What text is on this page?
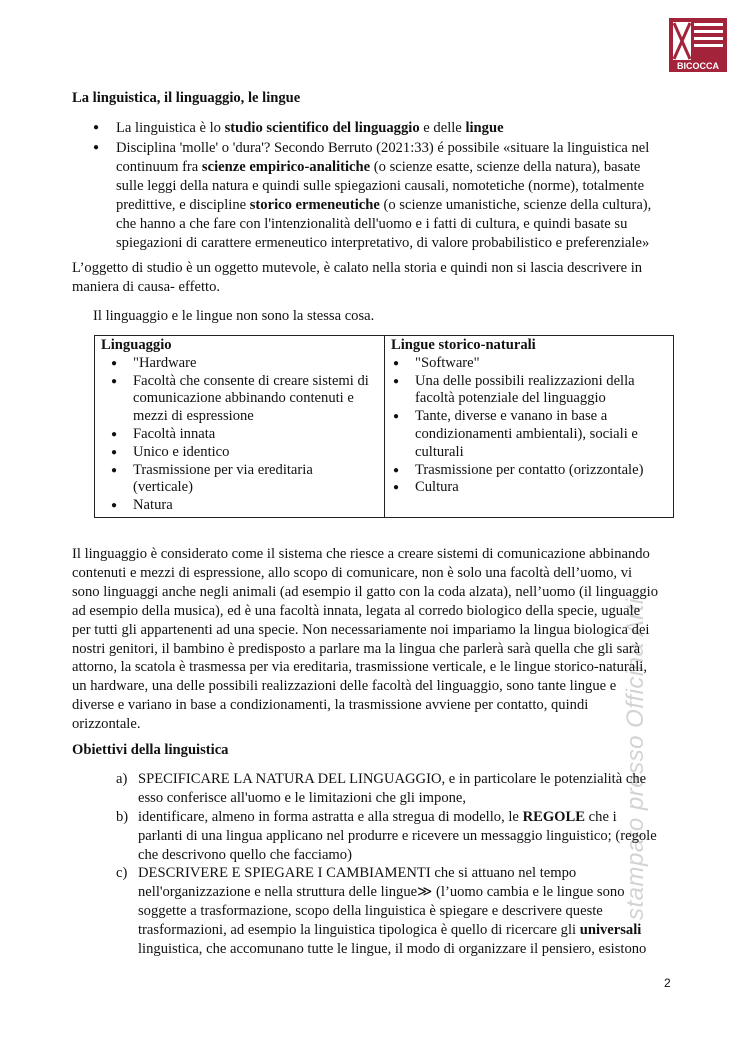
BICOCCA
stampato presso Officina Arti
La linguistica, il linguaggio, le lingue
● La linguistica è lo studio scientifico del linguaggio e delle lingue
● Disciplina 'molle' o 'dura'? Secondo Berruto (2021:33) é possibile «situare la linguistica nel
continuum fra scienze empirico-analitiche (o scienze esatte, scienze della natura), basate
sulle leggi della natura e quindi sulle spiegazioni causali, nomotetiche (norme), totalmente
predittive, e discipline storico ermeneutiche (o scienze umanistiche, scienze della cultura),
che hanno a che fare con l'intenzionalità dell'uomo e i fatti di cultura, e quindi basate su
spiegazioni di carattere ermeneutico interpretativo, di valore probabilistico e preferenziale»
L’oggetto di studio è un oggetto mutevole, è calato nella storia e quindi non si lascia descrivere in
maniera di causa- effetto.
Il linguaggio e le lingue non sono la stessa cosa.
Linguaggio
● "Hardware
● Facoltà che consente di creare sistemi di
comunicazione abbinando contenuti e
mezzi di espressione
● Facoltà innata
● Unico e identico
● Trasmissione per via ereditaria
(verticale)
● Natura

Lingue storico-naturali
● "Software"
● Una delle possibili realizzazioni della
facoltà potenziale del linguaggio
● Tante, diverse e vanano in base a
condizionamenti ambientali), sociali e
culturali
● Trasmissione per contatto (orizzontale)
● Cultura
Il linguaggio è considerato come il sistema che riesce a creare sistemi di comunicazione abbinando
contenuti e mezzi di espressione, allo scopo di comunicare, non è solo una facoltà dell’uomo, vi
sono linguaggi anche negli animali (ad esempio il gatto con la coda alzata), nell’uomo (il linguaggio
ad esempio della musica), ed è una facoltà innata, legata al corredo biologico della specie, uguale
per tutti gli appartenenti ad una specie. Non necessariamente noi impariamo la lingua biologica dei
nostri genitori, il bambino è predisposto a parlare ma la lingua che parlerà sarà quella che gli sarà
attorno, la scatola è trasmessa per via ereditaria, trasmissione verticale, e le lingue storico-naturali,
un hardware, una delle possibili realizzazioni delle facoltà del linguaggio, sono tante lingue e
diverse e variano in base a condizionamenti, la trasmissione avviene per contatto, quindi
orizzontale.
Obiettivi della linguistica
a) SPECIFICARE LA NATURA DEL LINGUAGGIO, e in particolare le potenzialità che
esso conferisce all'uomo e le limitazioni che gli impone,
b) identificare, almeno in forma astratta e alla stregua di modello, le REGOLE che i
parlanti di una lingua applicano nel produrre e ricevere un messaggio linguistico; (regole
che descrivono quello che facciamo)
c) DESCRIVERE E SPIEGARE I CAMBIAMENTI che si attuano nel tempo
nell'organizzazione e nella struttura delle lingue≫ (l’uomo cambia e le lingue sono
soggette a trasformazione, scopo della linguistica è spiegare e descrivere queste
trasformazioni, ad esempio la linguistica tipologica è quello di ricercare gli universali
linguistica, che accomunano tutte le lingue, il modo di organizzare il pensiero, esistono
2
